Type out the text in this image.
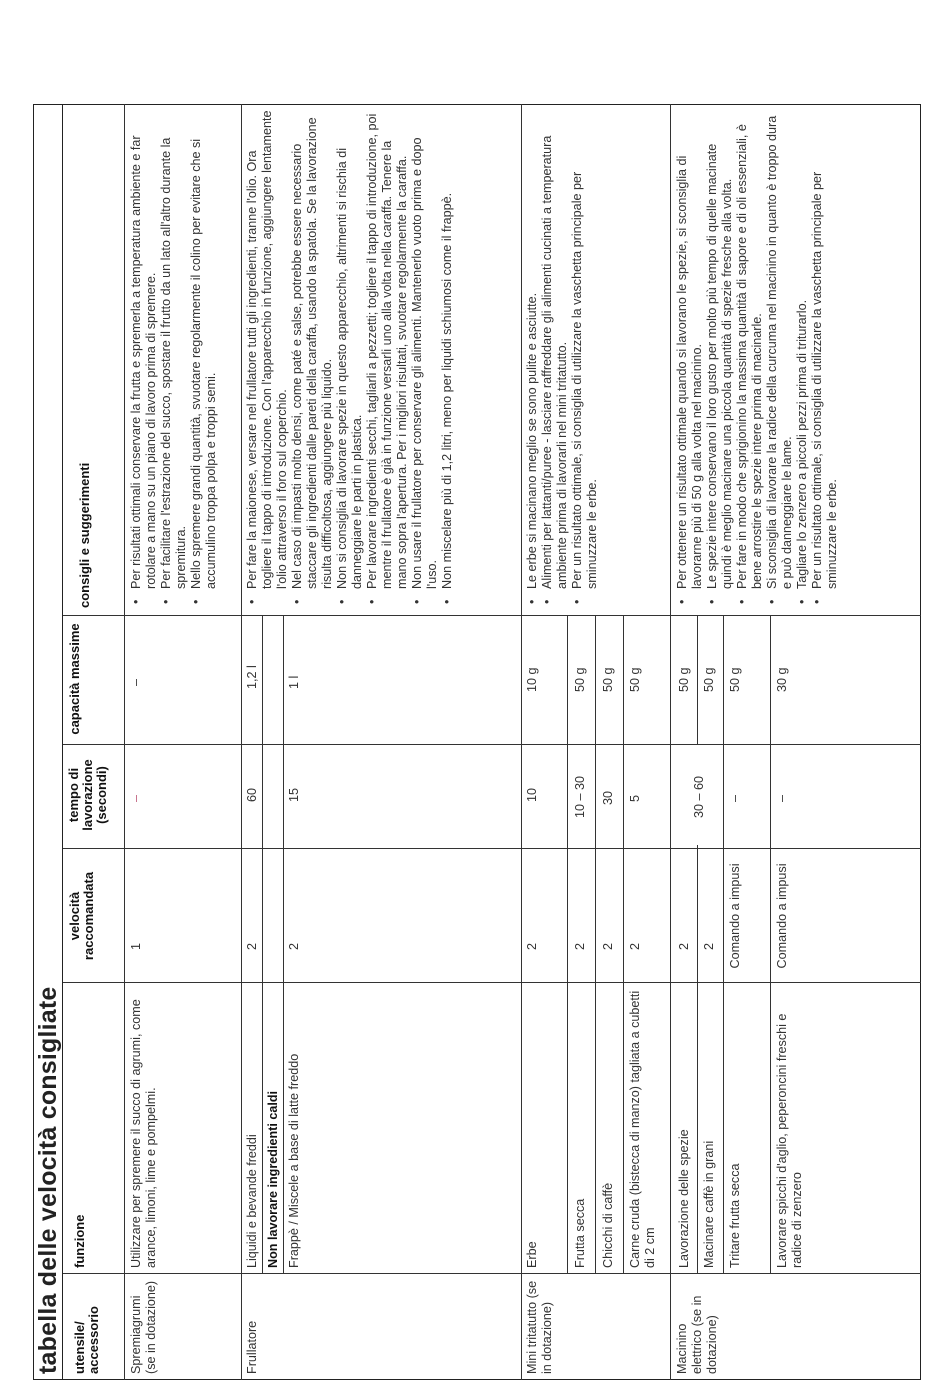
tabella delle velocità consigliate utensile/ accessorio
funzione
velocità raccomandata
tempo di lavorazione (secondi)
capacità massime
consigli e suggerimenti
Spremiagrumi (se in dotazione)
Utilizzare per spremere il succo di agrumi, come arance, limoni, lime e pompelmi.
1
–
–
• Per risultati ottimali conservare la frutta e spremerla a temperatura ambiente e far rotolare a mano su un piano di lavoro prima di spremere. • Per facilitare l'estrazione del succo, spostare il frutto da un lato all'altro durante la spremitura. • Nello spremere grandi quantità, svuotare regolarmente il colino per evitare che si accumulino troppa polpa e troppi semi.
Frullatore
Liquidi e bevande freddi
2
60
1,2 l
Non lavorare ingredienti caldi Frappè / Miscele a base di latte freddo
2
15
1 l
• Per fare la maionese, versare nel frullatore tutti gli ingredienti, tranne l'olio. Ora togliere il tappo di introduzione. Con l'apparecchio in funzione, aggiungere lentamente l'olio attraverso il foro sul coperchio. • Nel caso di impasti molto densi, come paté e salse, potrebbe essere necessario staccare gli ingredienti dalle pareti della caraffa, usando la spatola. Se la lavorazione risulta difficoltosa, aggiungere più liquido. • Non si consiglia di lavorare spezie in questo apparecchio, altrimenti si rischia di danneggiare le parti in plastica. • Per lavorare ingredienti secchi, tagliarli a pezzetti; togliere il tappo di introduzione, poi mentre il frullatore è già in funzione versarli uno alla volta nella caraffa. Tenere la mano sopra l'apertura. Per i migliori risultati, svuotare regolarmente la caraffa. • Non usare il frullatore per conservare gli alimenti. Mantenerlo vuoto prima e dopo l'uso. • Non miscelare più di 1,2 litri, meno per liquidi schiumosi come il frappè.
Mini tritatutto (se in dotazione)
Erbe
2
10
10 g
Frutta secca
2
10 – 30
50 g
Chicchi di caffè
2
30
50 g
Carne cruda (bistecca di manzo) tagliata a cubetti di 2 cm
2
5
50 g
• Le erbe si macinano meglio se sono pulite e asciutte. • Alimenti per lattanti/puree - lasciare raffreddare gli alimenti cucinati a temperatura ambiente prima di lavorarli nel mini tritatutto. • Per un risultato ottimale, si consiglia di utilizzare la vaschetta principale per sminuzzare le erbe.
Macinino elettrico (se in dotazione)
Lavorazione delle spezie
2
30 – 60
50 g
Macinare caffè in grani
2
50 g
Tritare frutta secca
Comando a impusi
–
50 g
Lavorare spicchi d'aglio, peperoncini freschi e radice di zenzero
Comando a impusi
–
30 g
• Per ottenere un risultato ottimale quando si lavorano le spezie, si sconsiglia di lavorarne più di 50 g alla volta nel macinino. • Le spezie intere conservano il loro gusto per molto più tempo di quelle macinate quindi è meglio macinare una piccola quantità di spezie fresche alla volta. • Per fare in modo che sprigionino la massima quantità di sapore e di oli essenziali, è bene arrostire le spezie intere prima di macinarle. • Si sconsiglia di lavorare la radice della curcuma nel macinino in quanto è troppo dura e può danneggiare le lame. • Tagliare lo zenzero a piccoli pezzi prima di triturarlo. • Per un risultato ottimale, si consiglia di utilizzare la vaschetta principale per sminuzzare le erbe.
